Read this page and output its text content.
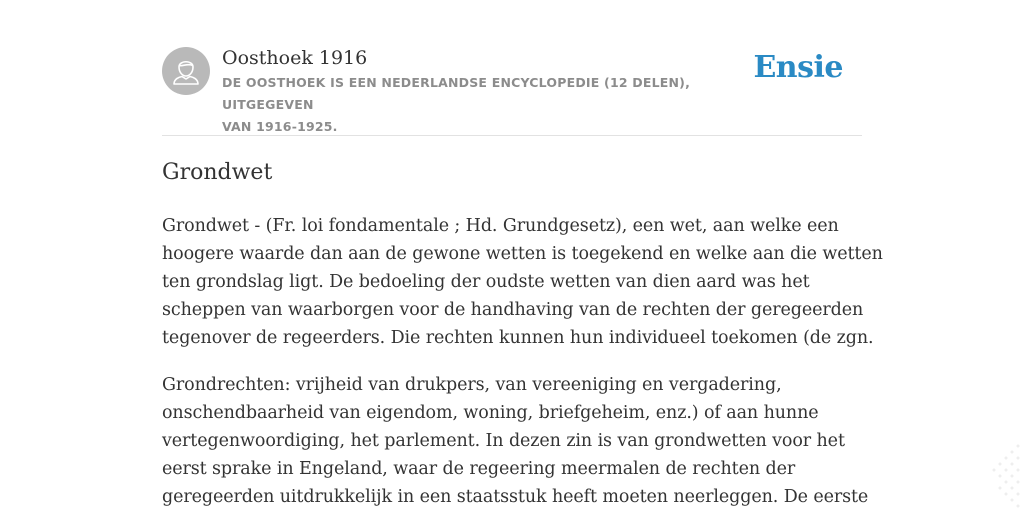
Oosthoek 1916
DE OOSTHOEK IS EEN NEDERLANDSE ENCYCLOPEDIE (12 DELEN), UITGEGEVEN
VAN 1916-1925.
Ensie
Grondwet

Grondwet - (Fr. loi fondamentale ; Hd. Grundgesetz), een wet, aan welke een
hoogere waarde dan aan de gewone wetten is toegekend en welke aan die wetten
ten grondslag ligt. De bedoeling der oudste wetten van dien aard was het
scheppen van waarborgen voor de handhaving van de rechten der geregeerden
tegenover de regeerders. Die rechten kunnen hun individueel toekomen (de zgn.

Grondrechten: vrijheid van drukpers, van vereeniging en vergadering,
onschendbaarheid van eigendom, woning, briefgeheim, enz.) of aan hunne
vertegenwoordiging, het parlement. In dezen zin is van grondwetten voor het
eerst sprake in Engeland, waar de regeering meermalen de rechten der
geregeerden uitdrukkelijk in een staatsstuk heeft moeten neerleggen. De eerste
